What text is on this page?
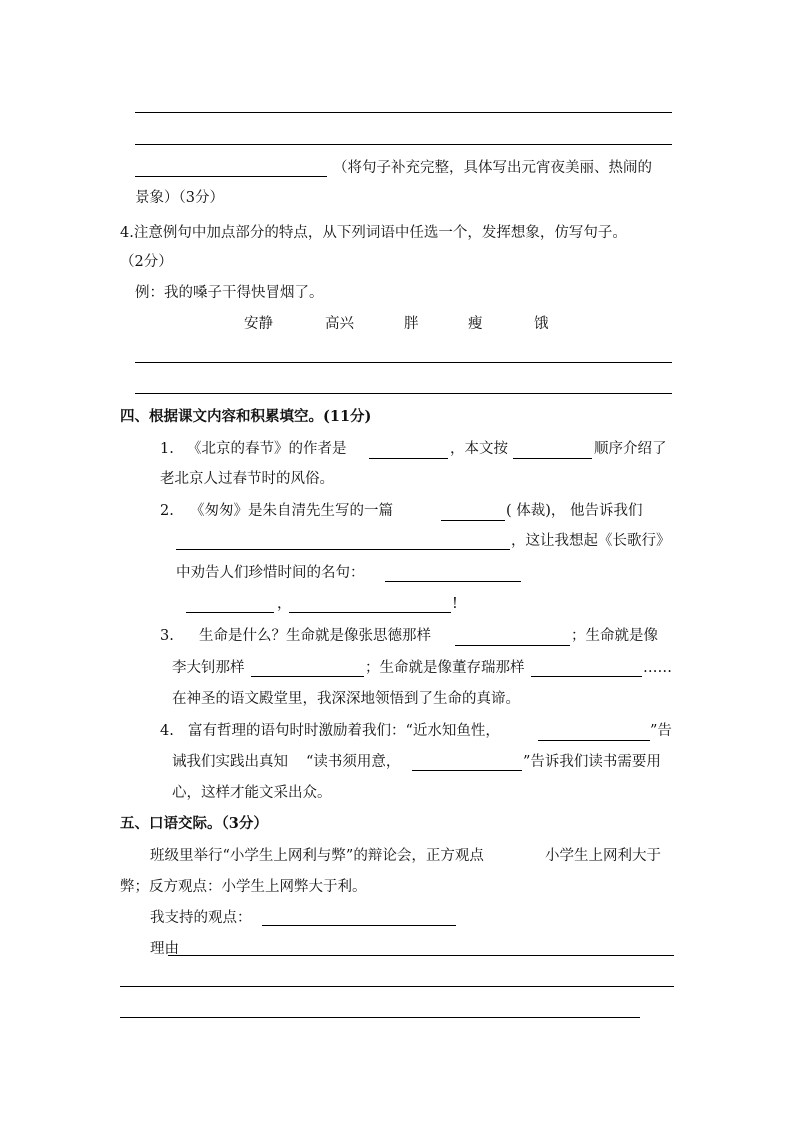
（将句子补充完整，具体写出元宵夜美丽、热闹的
景象）（3分）
4.注意例句中加点部分的特点，从下列词语中任选一个，发挥想象，仿写句子。
（2分）
例：我的嗓子干得快冒烟了。
安静	高兴	胖	瘦	饿
四、根据课文内容和积累填空。(11分)
1. 《北京的春节》的作者是	，本文按	顺序介绍了
老北京人过春节时的风俗。
2. 《匆匆》是朱自清先生写的一篇	( 体裁)， 他告诉我们
，这让我想起《长歌行》
中劝告人们珍惜时间的名句：
，	!
3. 生命是什么？生命就是像张思德那样	；生命就是像
李大钊那样	；生命就是像董存瑞那样	……
在神圣的语文殿堂里，我深深地领悟到了生命的真谛。
4. 富有哲理的语句时时激励着我们：“近水知鱼性，	”告
诫我们实践出真知 “读书须用意，	”告诉我们读书需要用
心，这样才能文采出众。
五、口语交际。（3分）
班级里举行“小学生上网利与弊”的辩论会，正方观点	小学生上网利大于
弊；反方观点：小学生上网弊大于利。
我支持的观点：
理由
